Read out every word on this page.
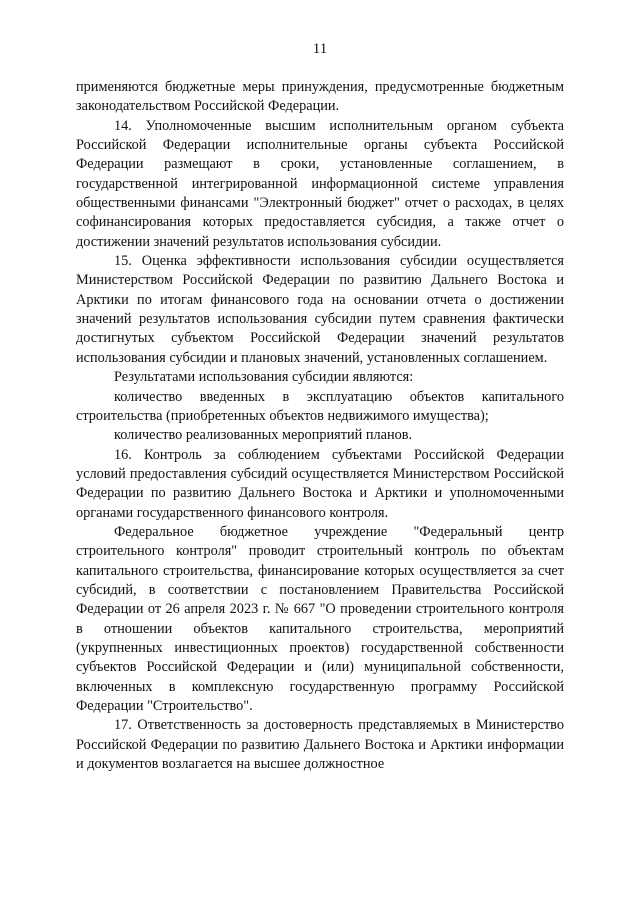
11

применяются бюджетные меры принуждения, предусмотренные бюджетным законодательством Российской Федерации.

14. Уполномоченные высшим исполнительным органом субъекта Российской Федерации исполнительные органы субъекта Российской Федерации размещают в сроки, установленные соглашением, в государственной интегрированной информационной системе управления общественными финансами "Электронный бюджет" отчет о расходах, в целях софинансирования которых предоставляется субсидия, а также отчет о достижении значений результатов использования субсидии.

15. Оценка эффективности использования субсидии осуществляется Министерством Российской Федерации по развитию Дальнего Востока и Арктики по итогам финансового года на основании отчета о достижении значений результатов использования субсидии путем сравнения фактически достигнутых субъектом Российской Федерации значений результатов использования субсидии и плановых значений, установленных соглашением.

Результатами использования субсидии являются:

количество введенных в эксплуатацию объектов капитального строительства (приобретенных объектов недвижимого имущества);

количество реализованных мероприятий планов.

16. Контроль за соблюдением субъектами Российской Федерации условий предоставления субсидий осуществляется Министерством Российской Федерации по развитию Дальнего Востока и Арктики и уполномоченными органами государственного финансового контроля.

Федеральное бюджетное учреждение "Федеральный центр строительного контроля" проводит строительный контроль по объектам капитального строительства, финансирование которых осуществляется за счет субсидий, в соответствии с постановлением Правительства Российской Федерации от 26 апреля 2023 г. № 667 "О проведении строительного контроля в отношении объектов капитального строительства, мероприятий (укрупненных инвестиционных проектов) государственной собственности субъектов Российской Федерации и (или) муниципальной собственности, включенных в комплексную государственную программу Российской Федерации "Строительство".

17. Ответственность за достоверность представляемых в Министерство Российской Федерации по развитию Дальнего Востока и Арктики информации и документов возлагается на высшее должностное
